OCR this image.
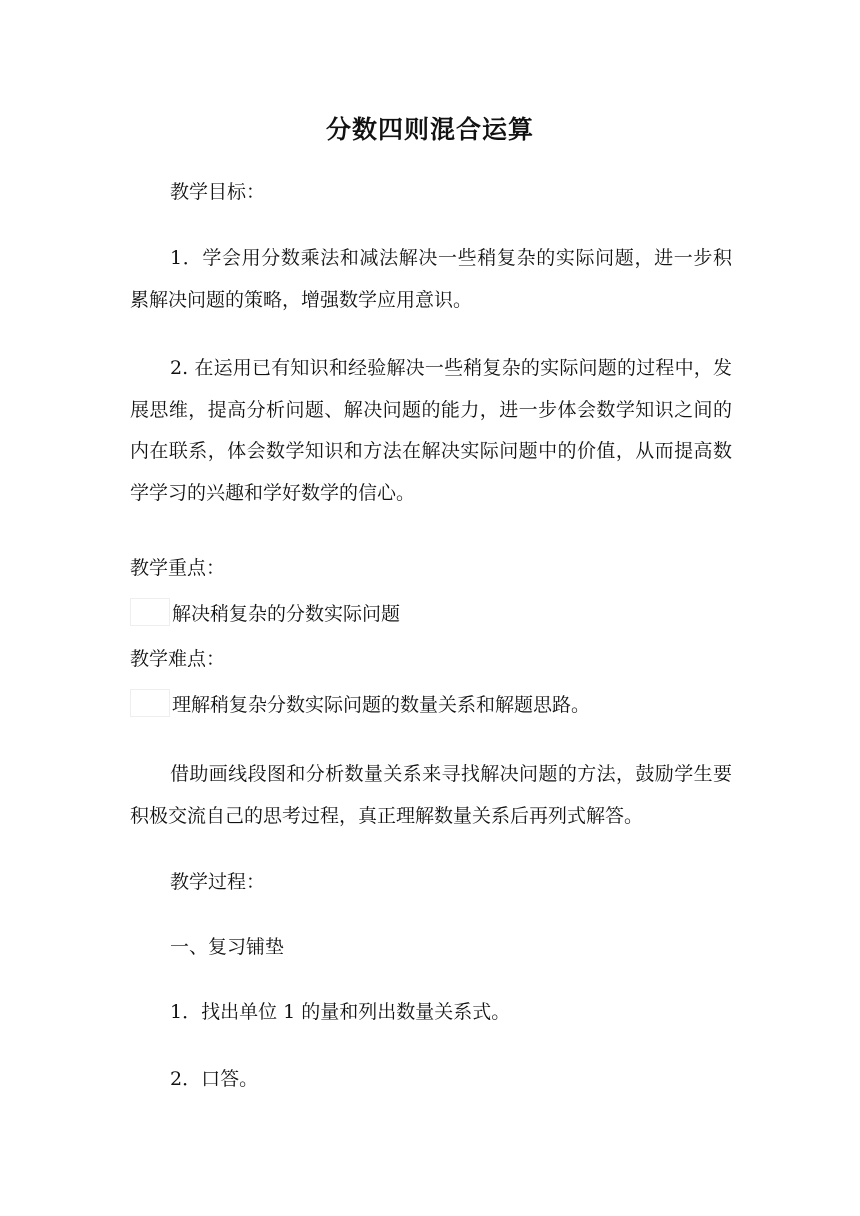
分数四则混合运算

教学目标：

1．学会用分数乘法和减法解决一些稍复杂的实际问题，进一步积累解决问题的策略，增强数学应用意识。

2. 在运用已有知识和经验解决一些稍复杂的实际问题的过程中，发展思维，提高分析问题、解决问题的能力，进一步体会数学知识之间的内在联系，体会数学知识和方法在解决实际问题中的价值，从而提高数学学习的兴趣和学好数学的信心。

教学重点：
解决稍复杂的分数实际问题
教学难点：
理解稍复杂分数实际问题的数量关系和解题思路。

借助画线段图和分析数量关系来寻找解决问题的方法，鼓励学生要积极交流自己的思考过程，真正理解数量关系后再列式解答。

教学过程：

一、复习铺垫

1．找出单位 1 的量和列出数量关系式。

2．口答。
